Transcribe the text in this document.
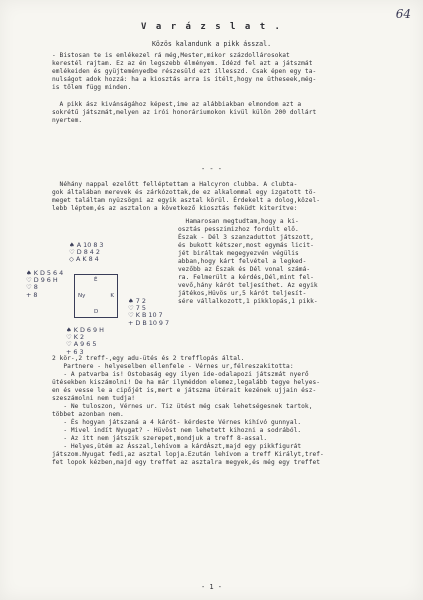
64
V a r á z s l a t .
Közös kalandunk a pikk ásszal.
- Bistosan te is emlékezel rá még,Mester,mikor százdollárosokat
kerestél rajtam. Ez az én legszebb élményem. Idézd fel azt a játszmát
emlékeiden és gyüjteményedbe részesüld ezt illesszd. Csak épen egy ta-
nulságot adok hozzá: ha a kiosztás arra is ítélt,hogy ne ütheseek,még-
is tőlem függ minden.
A pikk ász kivánságához képest,ime az alábbiakban elmondom azt a
sokrétű játszmát,melyen az irói honoráriumokon kivül külön 200 dollárt
nyertem.
- - -
Néhány nappal ezelőtt felléptettam a Halcyron clubba. A clubta-
gok általában merevek és zárkózottak,de ez alkalommal egy izgatott tö-
meget találtam nyüzsögni az egyik asztal körül. Érdekelt a dolog,közel-
lebb léptem,és az asztalon a következő kiosztás feküdt kiterítve:
♠ A 10 8 3
♡ D 8 4 2
◇ A K 8 4
♠ K D 5 6 4
♡ D 9 6 H
♡ 8
+ 8
É
Ny	K
D
♠ 7 2
♡ 7 5
♡ K B 10 7
+ D B 10 9 7
♠ K D 6 9 H
♡ K 2
♡ A 9 6 5
+ 6 3
Hamarosan megtudtam,hogy a ki-
osztás pesszimizhoz fordult elő.
Észak - Dél 3 szanzaduttot játszott,
és bukott kétszer,most egymás licit-
jét biráltak megegyezvén végülis
abban,hogy kárt felvétel a legked-
vezőbb az Észak és Dél vonal számá-
ra. Felmerült a kérdés,Dél,mint fel-
vevő,hány kárót teljesíthet. Az egyik
játékos,Hüvös ur,5 kárót teljesít-
sére vállalkozott,1 pikklopás,1 pikk-
2 kör-,2 treff-,egy adu-ütés és 2 trefflopás által.
Partnere - helyeselben ellenfele - Vérnes ur,félreszakitotta:
- A patvarba is! Ostobaság egy ilyen ide-odalapozi játszmát nyerő
ütésekben kiszámolni! De ha már ilyméddon elemez,legalább tegye helyes-
en és vesse le a cipőjét is,mert e játszma ütérait kezének ujjain ész-
szeszámolni nem tudja!
- Ne tuloszon, Vérnes ur. Tiz ütést még csak lehetségesnek tartok,
többet azonban nem.
- És hogyan játszaná a 4 kárót- kérdeste Vérnes kihívó gunnyal.
- Mivel indít Nyugat? - Hüvöst nem lehetett kihozni a sodrából.
- Az itt nem játszik szerepet,mondjuk a treff 8-assal.
- Helyes,ütém az Ásszal,lehívom a kárdÁszt,majd egy pikkfigurát
játszom.Nyugat fedi,az asztal lopja.Ezután lehívom a treff Királyt,tref-
fet lopok kézben,majd egy treffet az asztalra megyek,és még egy treffet
- 1 -
